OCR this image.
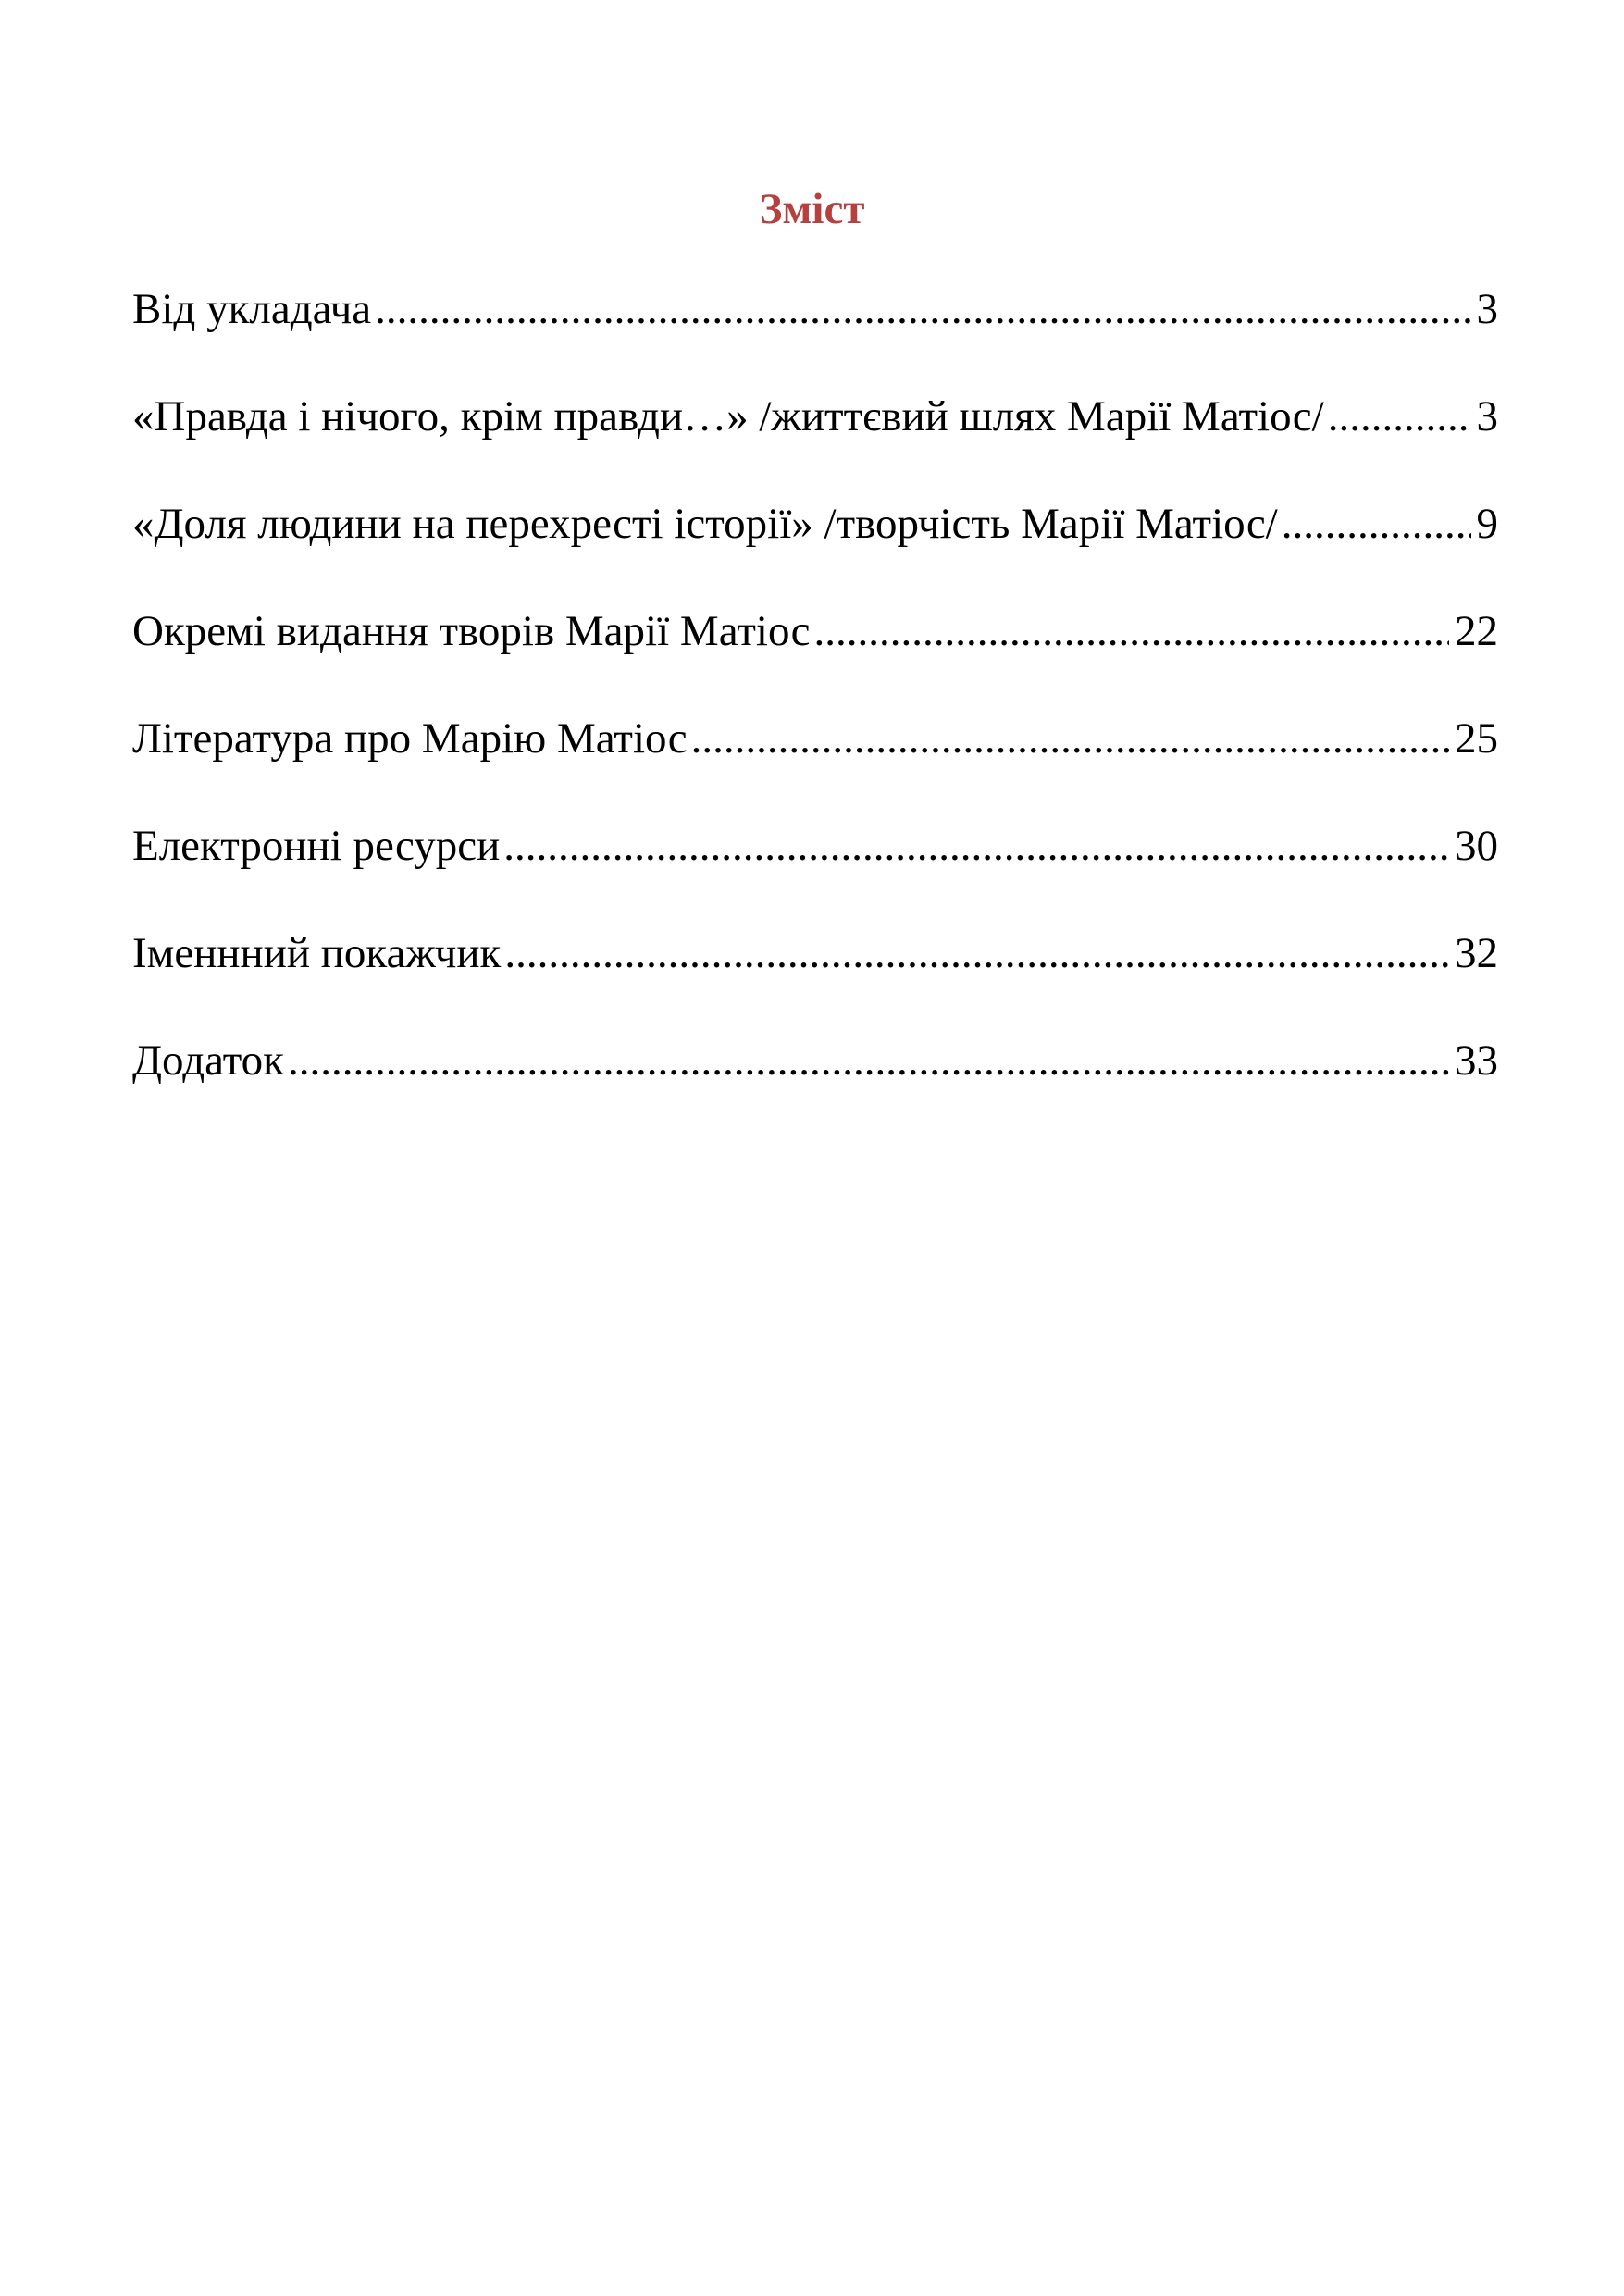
Зміст
Від укладача .....	3
«Правда і нічого, крім правди…» /життєвий шлях Марії Матіос/ .....	3
«Доля людини на перехресті історії» /творчість Марії Матіос/ .....	9
Окремі видання творів Марії Матіос .....	22
Література про Марію Матіос .....	25
Електронні ресурси .....	30
Іменнний покажчик .....	32
Додаток .....	33
